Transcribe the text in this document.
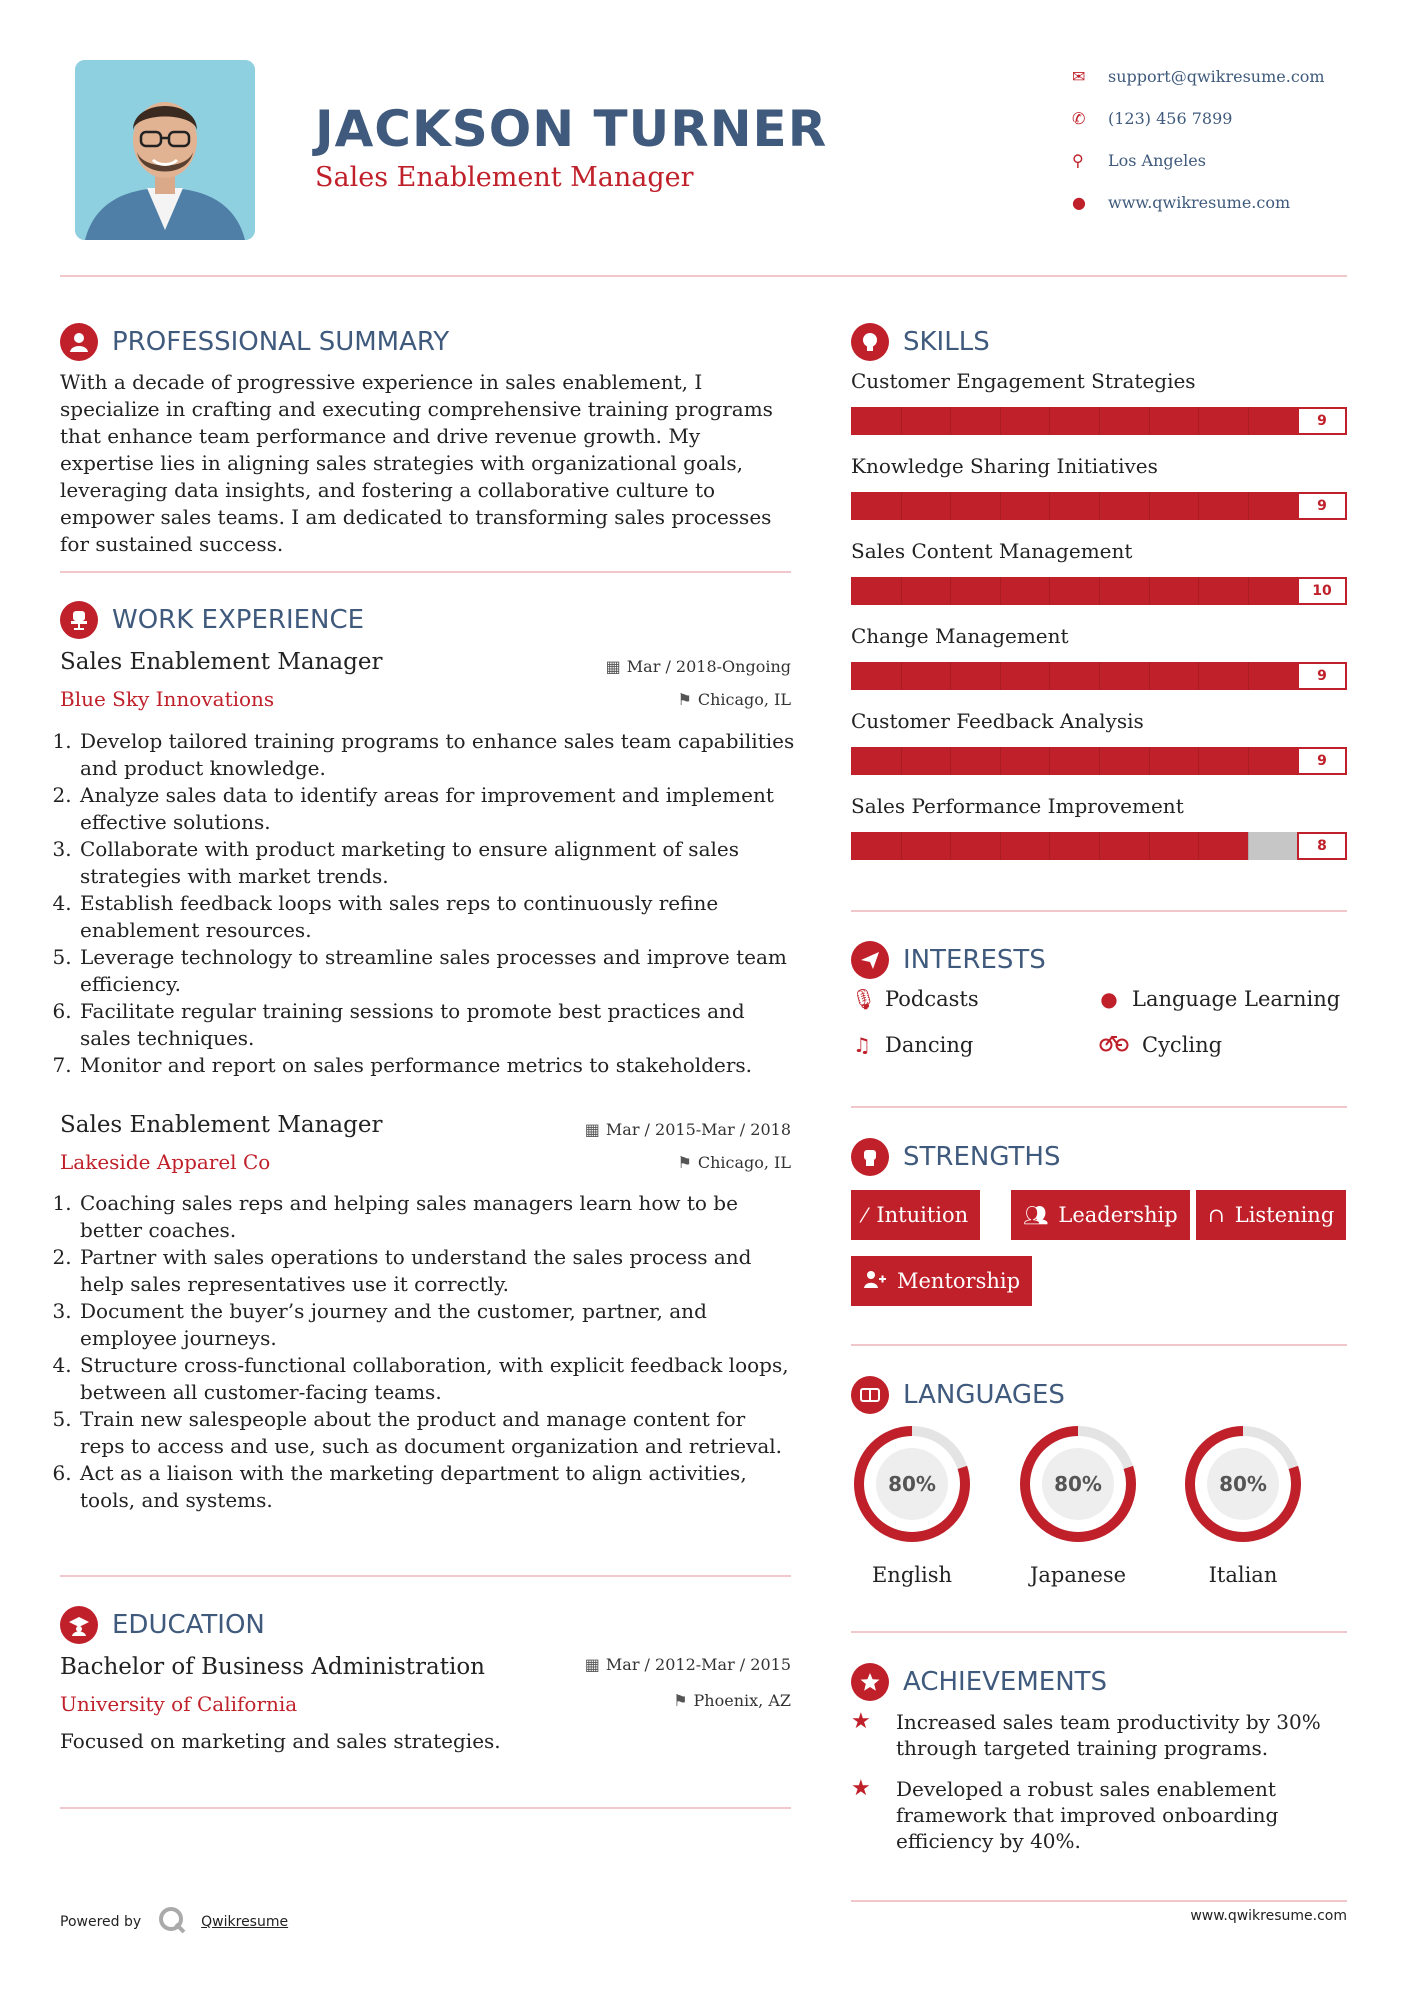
JACKSON TURNER
Sales Enablement Manager
✉	support@qwikresume.com
✆	(123) 456 7899
⚲	Los Angeles
●	www.qwikresume.com
PROFESSIONAL SUMMARY
With a decade of progressive experience in sales enablement, I specialize in crafting and executing comprehensive training programs that enhance team performance and drive revenue growth. My expertise lies in aligning sales strategies with organizational goals, leveraging data insights, and fostering a collaborative culture to empower sales teams. I am dedicated to transforming sales processes for sustained success.
WORK EXPERIENCE
Sales Enablement Manager	▦ Mar / 2018-Ongoing
Blue Sky Innovations	⚑ Chicago, IL
1. Develop tailored training programs to enhance sales team capabilities and product knowledge.
2. Analyze sales data to identify areas for improvement and implement effective solutions.
3. Collaborate with product marketing to ensure alignment of sales strategies with market trends.
4. Establish feedback loops with sales reps to continuously refine enablement resources.
5. Leverage technology to streamline sales processes and improve team efficiency.
6. Facilitate regular training sessions to promote best practices and sales techniques.
7. Monitor and report on sales performance metrics to stakeholders.
Sales Enablement Manager	▦ Mar / 2015-Mar / 2018
Lakeside Apparel Co	⚑ Chicago, IL
1. Coaching sales reps and helping sales managers learn how to be better coaches.
2. Partner with sales operations to understand the sales process and help sales representatives use it correctly.
3. Document the buyer’s journey and the customer, partner, and employee journeys.
4. Structure cross-functional collaboration, with explicit feedback loops, between all customer-facing teams.
5. Train new salespeople about the product and manage content for reps to access and use, such as document organization and retrieval.
6. Act as a liaison with the marketing department to align activities, tools, and systems.
EDUCATION
Bachelor of Business Administration	▦ Mar / 2012-Mar / 2015
University of California	⚑ Phoenix, AZ
Focused on marketing and sales strategies.
SKILLS
Customer Engagement Strategies
9
Knowledge Sharing Initiatives
9
Sales Content Management
10
Change Management
9
Customer Feedback Analysis
9
Sales Performance Improvement
8
INTERESTS
🎙︎ Podcasts	● Language Learning
♫ Dancing	Cycling
STRENGTHS
⁄ Intuition	👥︎ Leadership ∩ Listening
Mentorship
LANGUAGES
80%
English
80%
Japanese
80%
Italian
ACHIEVEMENTS
★	Increased sales team productivity by 30% through targeted training programs.
★	Developed a robust sales enablement framework that improved onboarding efficiency by 40%.
Powered by	Qwikresume	www.qwikresume.com
